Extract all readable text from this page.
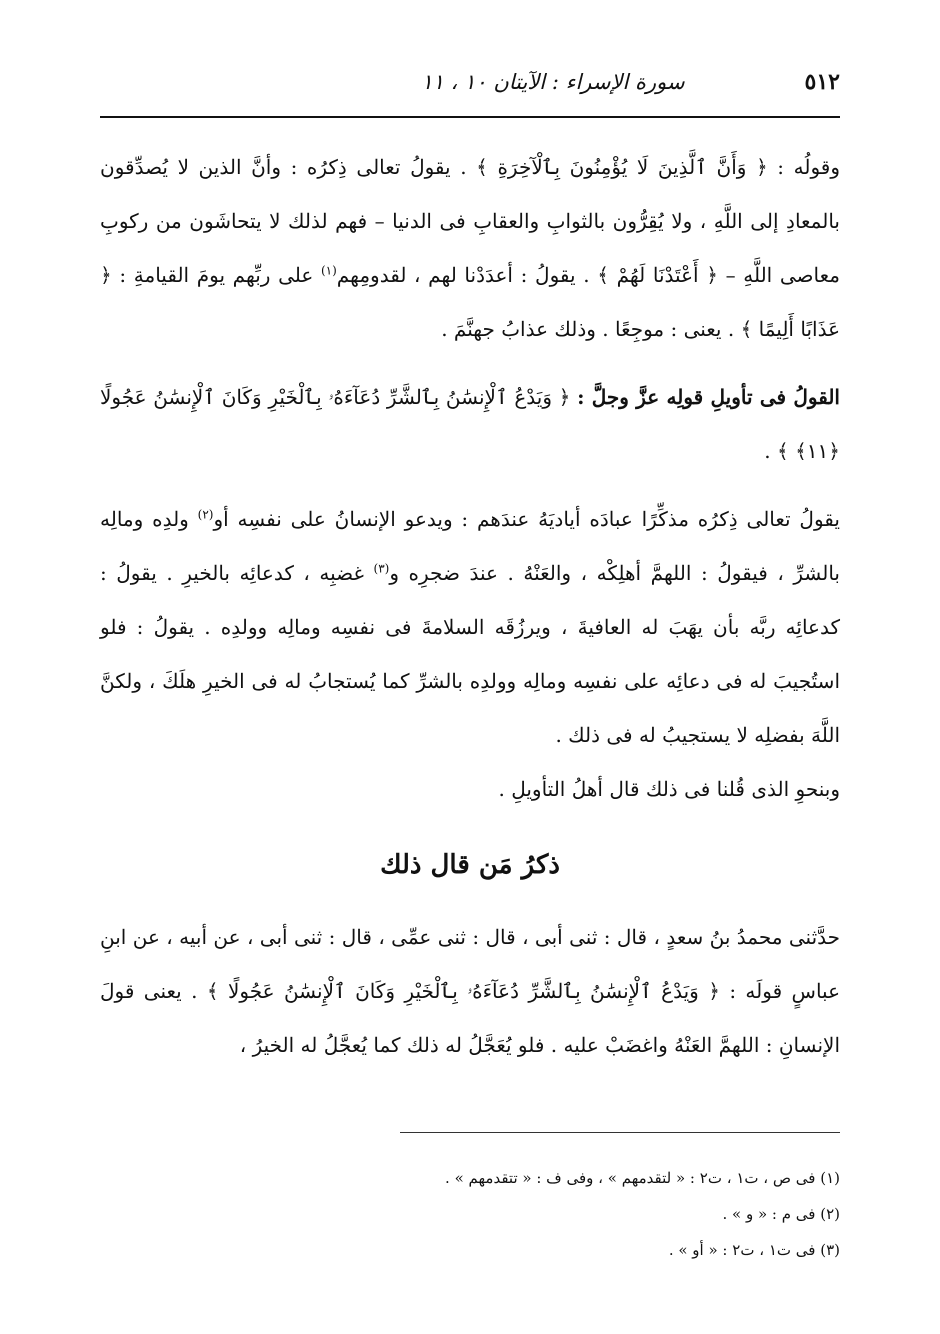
٥١٢
سورة الإسراء : الآيتان ١٠ ، ١١

وقولُه : ﴿ وَأَنَّ ٱلَّذِينَ لَا يُؤْمِنُونَ بِٱلْآخِرَةِ ﴾ . يقولُ تعالى ذِكرُه : وأنَّ الذين لا يُصدِّقون بالمعادِ إلى اللَّهِ ، ولا يُقِرُّون بالثوابِ والعقابِ فى الدنيا – فهم لذلك لا يتحاشَون من ركوبِ معاصى اللَّهِ – ﴿ أَعْتَدْنَا لَهُمْ ﴾ . يقولُ : أعدَدْنا لهم ، لقدومِهم$^{(١)}$ على ربِّهم يومَ القيامةِ : ﴿ عَذَابًا أَلِيمًا ﴾ . يعنى : موجِعًا . وذلك عذابُ جهنَّمَ .

القولُ فى تأويلِ قولِه عزَّ وجلَّ : ﴿ وَيَدْعُ ٱلْإِنسَٰنُ بِٱلشَّرِّ دُعَآءَهُۥ بِٱلْخَيْرِ وَكَانَ ٱلْإِنسَٰنُ عَجُولًا ﴿١١﴾ ﴾ .

يقولُ تعالى ذِكرُه مذكِّرًا عبادَه أياديَهُ عندَهم : ويدعو الإنسانُ على نفسِه أو$^{(٢)}$ ولدِه ومالِه بالشرِّ ، فيقولُ : اللهمَّ أهلِكْه ، والعَنْهُ . عندَ ضجرِه و$^{(٣)}$ غضبِه ، كدعائِه بالخيرِ . يقولُ : كدعائِه ربَّه بأن يهَبَ له العافيةَ ، ويرزُقَه السلامةَ فى نفسِه ومالِه وولدِه . يقولُ : فلو استُجيبَ له فى دعائِه على نفسِه ومالِه وولدِه بالشرِّ كما يُستجابُ له فى الخيرِ هلَكَ ، ولكنَّ اللَّهَ بفضلِه لا يستجيبُ له فى ذلك .

وبنحوِ الذى قُلنا فى ذلك قال أهلُ التأويلِ .

ذكرُ مَن قال ذلك

حدَّثنى محمدُ بنُ سعدٍ ، قال : ثنى أبى ، قال : ثنى عمِّى ، قال : ثنى أبى ، عن أبيه ، عن ابنِ عباسٍ قولَه : ﴿ وَيَدْعُ ٱلْإِنسَٰنُ بِٱلشَّرِّ دُعَآءَهُۥ بِٱلْخَيْرِ وَكَانَ ٱلْإِنسَٰنُ عَجُولًا ﴾ . يعنى قولَ الإنسانِ : اللهمَّ العَنْهُ واغضَبْ عليه . فلو يُعَجَّلُ له ذلك كما يُعجَّلُ له الخيرُ ،

(١) فى ص ، ت١ ، ت٢ : « لتقدمهم » ، وفى ف : « تتقدمهم » .

(٢) فى م : « و » .

(٣) فى ت١ ، ت٢ : « أو » .
